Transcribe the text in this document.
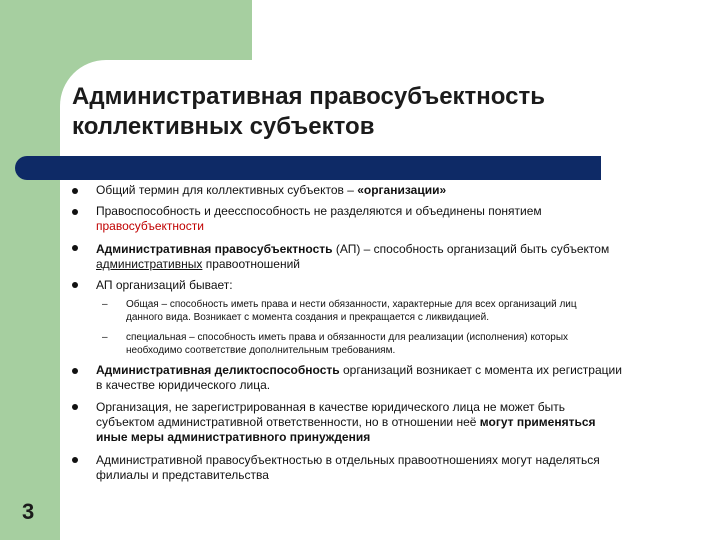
Административная правосубъектность
коллективных субъектов
Общий термин для коллективных субъектов – «организации»
Правоспособность и деесспособность не разделяются и объединены понятием
правосубъектности
Административная правосубъектность (АП) – способность организаций быть субъектом
административных правоотношений
АП организаций бывает:
– Общая – способность иметь права и нести обязанности, характерные для всех организаций лиц
данного вида. Возникает с момента создания и прекращается с ликвидацией.
– специальная – способность иметь права и обязанности для реализации (исполнения) которых
необходимо соответствие дополнительным требованиям.
Административная деликтоспособность организаций возникает с момента их регистрации
в качестве юридического лица.
Организация, не зарегистрированная в качестве юридического лица не может быть
субъектом административной ответственности, но в отношении неё могут применяться
иные меры административного принуждения
Административной правосубъектностью в отдельных правоотношениях могут наделяться
филиалы и представительства
3
